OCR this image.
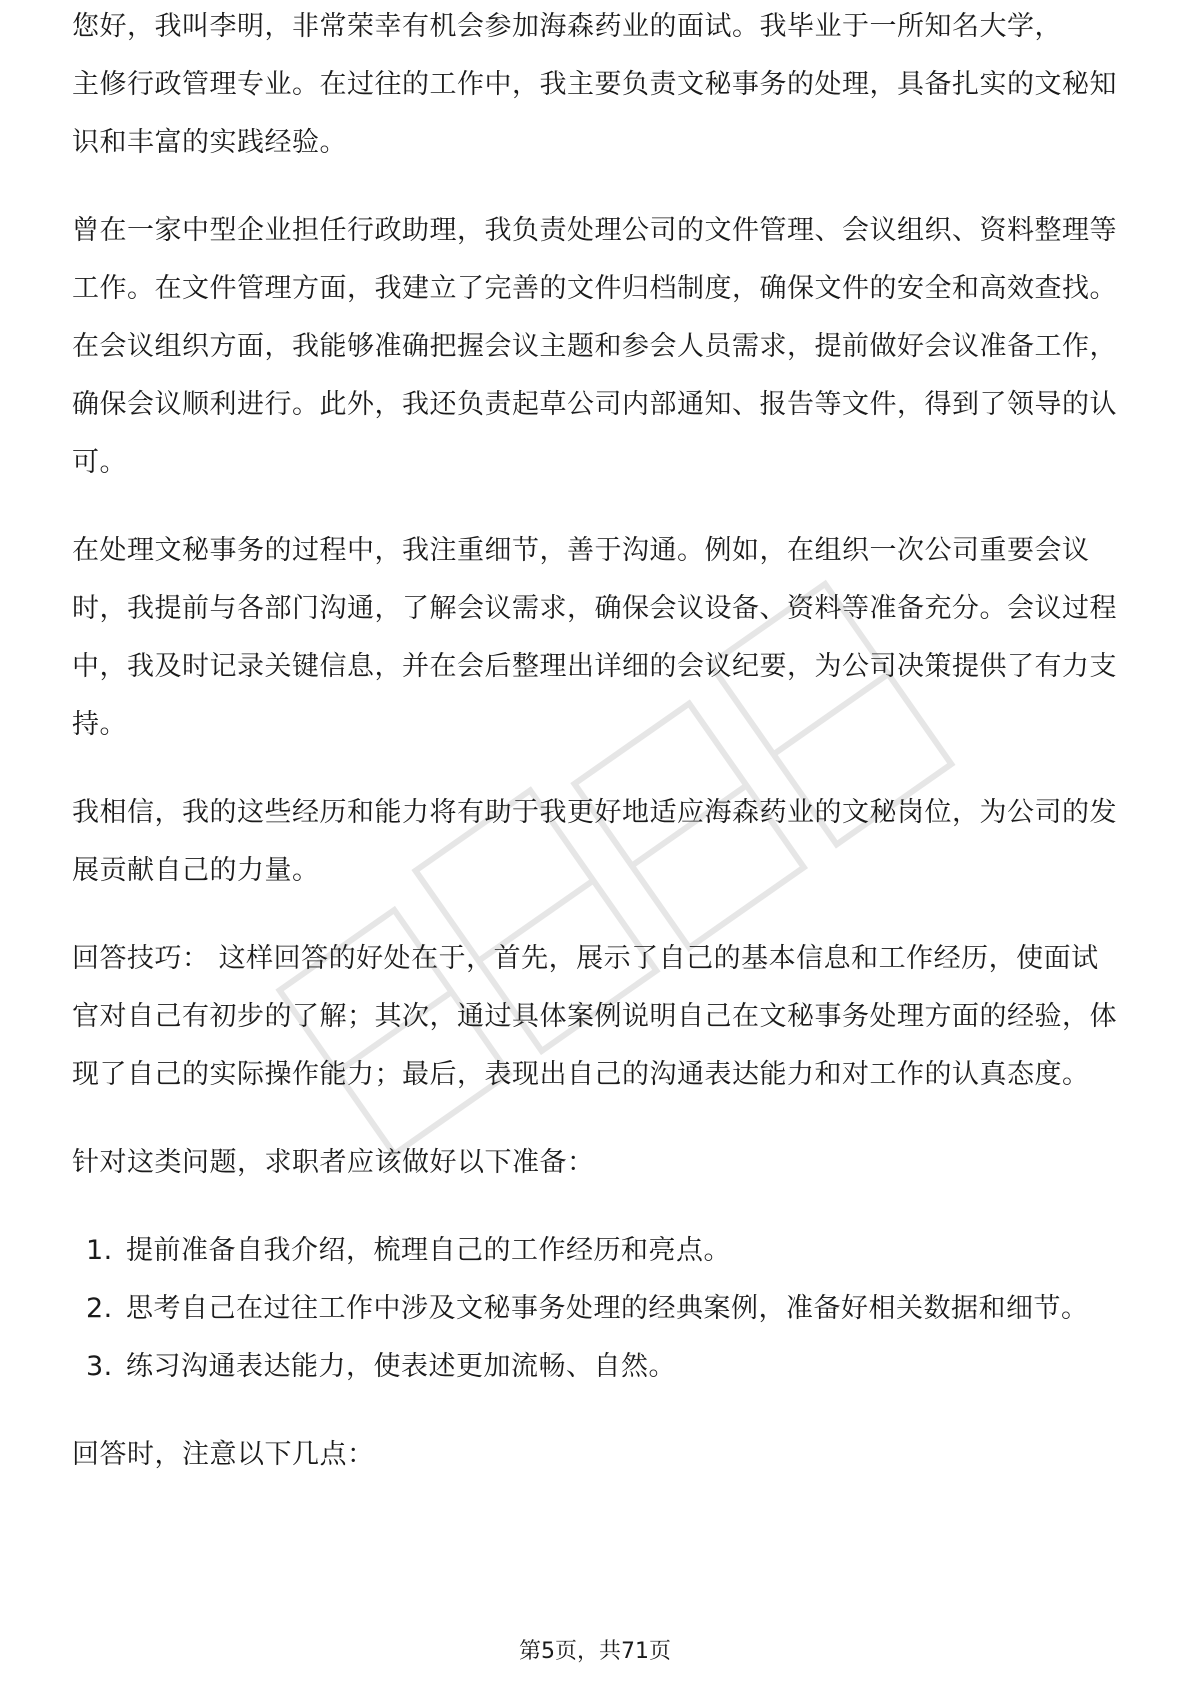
您好，我叫李明，非常荣幸有机会参加海森药业的面试。我毕业于一所知名大学，

主修行政管理专业。在过往的工作中，我主要负责文秘事务的处理，具备扎实的文秘知识和丰富的实践经验。

曾在一家中型企业担任行政助理，我负责处理公司的文件管理、会议组织、资料整理等工作。在文件管理方面，我建立了完善的文件归档制度，确保文件的安全和高效查找。在会议组织方面，我能够准确把握会议主题和参会人员需求，提前做好会议准备工作，确保会议顺利进行。此外，我还负责起草公司内部通知、报告等文件，得到了领导的认可。

在处理文秘事务的过程中，我注重细节，善于沟通。例如，在组织一次公司重要会议时，我提前与各部门沟通，了解会议需求，确保会议设备、资料等准备充分。会议过程中，我及时记录关键信息，并在会后整理出详细的会议纪要，为公司决策提供了有力支持。

我相信，我的这些经历和能力将有助于我更好地适应海森药业的文秘岗位，为公司的发展贡献自己的力量。

回答技巧： 这样回答的好处在于，首先，展示了自己的基本信息和工作经历，使面试官对自己有初步的了解；其次，通过具体案例说明自己在文秘事务处理方面的经验，体现了自己的实际操作能力；最后，表现出自己的沟通表达能力和对工作的认真态度。

针对这类问题，求职者应该做好以下准备：

1. 提前准备自我介绍，梳理自己的工作经历和亮点。
2. 思考自己在过往工作中涉及文秘事务处理的经典案例，准备好相关数据和细节。
3. 练习沟通表达能力，使表述更加流畅、自然。

回答时，注意以下几点：

第5页，共71页
